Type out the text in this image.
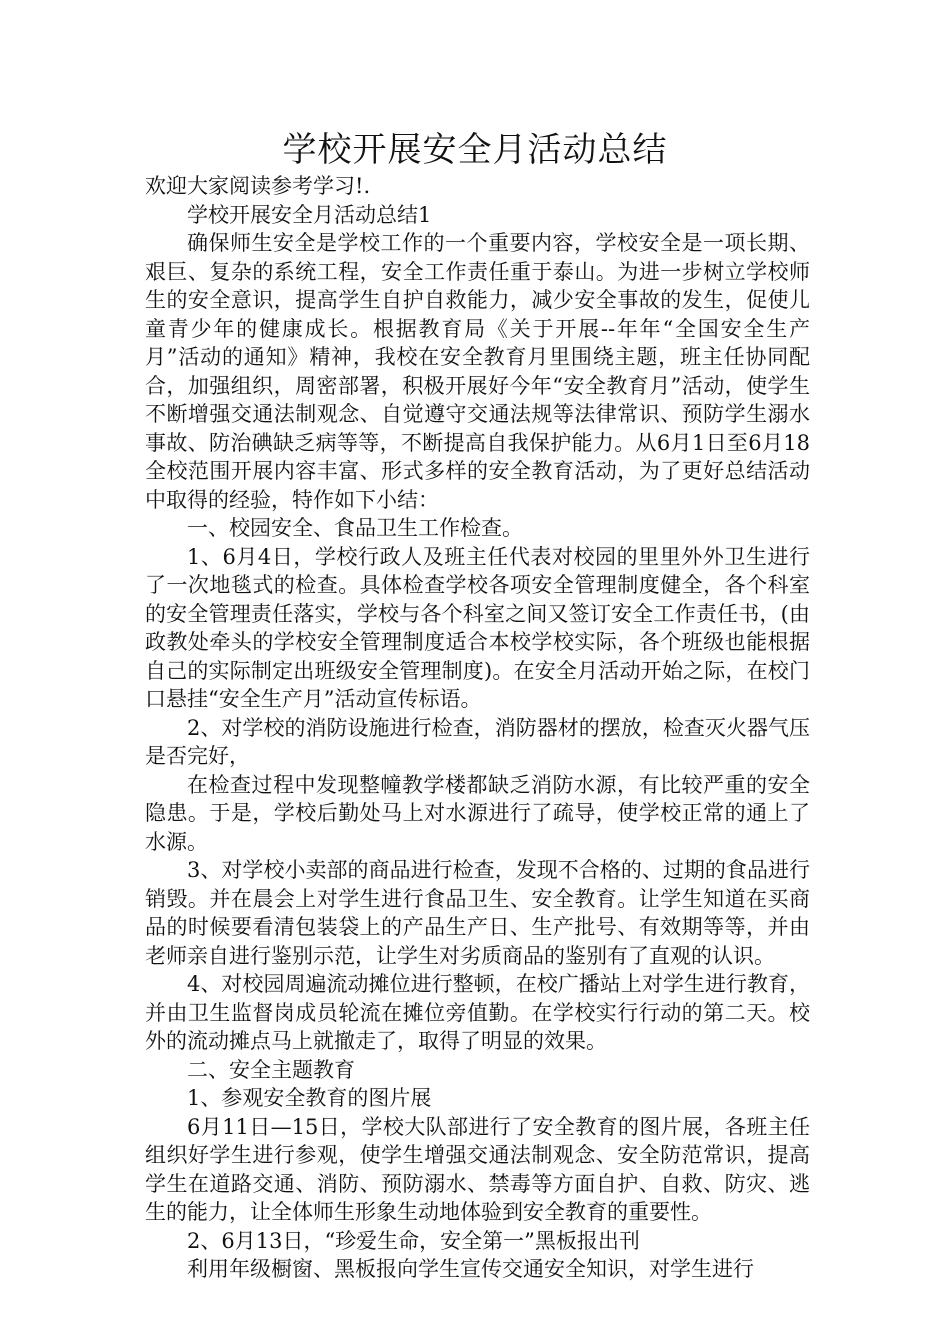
学校开展安全月活动总结

欢迎大家阅读参考学习!.

学校开展安全月活动总结1

确保师生安全是学校工作的一个重要内容，学校安全是一项长期、艰巨、复杂的系统工程，安全工作责任重于泰山。为进一步树立学校师生的安全意识，提高学生自护自救能力，减少安全事故的发生，促使儿童青少年的健康成长。根据教育局《关于开展--年年“全国安全生产月”活动的通知》精神，我校在安全教育月里围绕主题，班主任协同配合，加强组织，周密部署，积极开展好今年“安全教育月”活动，使学生不断增强交通法制观念、自觉遵守交通法规等法律常识、预防学生溺水事故、防治碘缺乏病等等，不断提高自我保护能力。从6月1日至6月18全校范围开展内容丰富、形式多样的安全教育活动，为了更好总结活动中取得的经验，特作如下小结：

一、校园安全、食品卫生工作检查。

1、6月4日，学校行政人及班主任代表对校园的里里外外卫生进行了一次地毯式的检查。具体检查学校各项安全管理制度健全，各个科室的安全管理责任落实，学校与各个科室之间又签订安全工作责任书，(由政教处牵头的学校安全管理制度适合本校学校实际，各个班级也能根据自己的实际制定出班级安全管理制度)。在安全月活动开始之际，在校门口悬挂“安全生产月”活动宣传标语。

2、对学校的消防设施进行检查，消防器材的摆放，检查灭火器气压是否完好，

在检查过程中发现整幢教学楼都缺乏消防水源，有比较严重的安全隐患。于是，学校后勤处马上对水源进行了疏导，使学校正常的通上了水源。

3、对学校小卖部的商品进行检查，发现不合格的、过期的食品进行销毁。并在晨会上对学生进行食品卫生、安全教育。让学生知道在买商品的时候要看清包装袋上的产品生产日、生产批号、有效期等等，并由老师亲自进行鉴别示范，让学生对劣质商品的鉴别有了直观的认识。

4、对校园周遍流动摊位进行整顿，在校广播站上对学生进行教育，并由卫生监督岗成员轮流在摊位旁值勤。在学校实行行动的第二天。校外的流动摊点马上就撤走了，取得了明显的效果。

二、安全主题教育

1、参观安全教育的图片展

6月11日—15日，学校大队部进行了安全教育的图片展，各班主任组织好学生进行参观，使学生增强交通法制观念、安全防范常识，提高学生在道路交通、消防、预防溺水、禁毒等方面自护、自救、防灾、逃生的能力，让全体师生形象生动地体验到安全教育的重要性。

2、6月13日，“珍爱生命，安全第一”黑板报出刊

利用年级橱窗、黑板报向学生宣传交通安全知识，对学生进行
